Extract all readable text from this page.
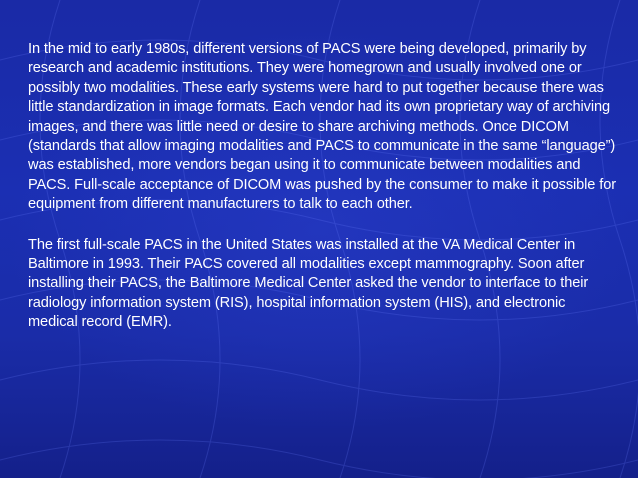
In the mid to early 1980s, different versions of PACS were being developed, primarily by research and academic institutions. They were homegrown and usually involved one or possibly two modalities. These early systems were hard to put together because there was little standardization in image formats. Each vendor had its own proprietary way of archiving images, and there was little need or desire to share archiving methods. Once DICOM (standards that allow imaging modalities and PACS to communicate in the same “language”) was established, more vendors began using it to communicate between modalities and PACS. Full-scale acceptance of DICOM was pushed by the consumer to make it possible for equipment from different manufacturers to talk to each other.

The first full-scale PACS in the United States was installed at the VA Medical Center in Baltimore in 1993. Their PACS covered all modalities except mammography. Soon after installing their PACS, the Baltimore Medical Center asked the vendor to interface to their radiology information system (RIS), hospital information system (HIS), and electronic medical record (EMR).
